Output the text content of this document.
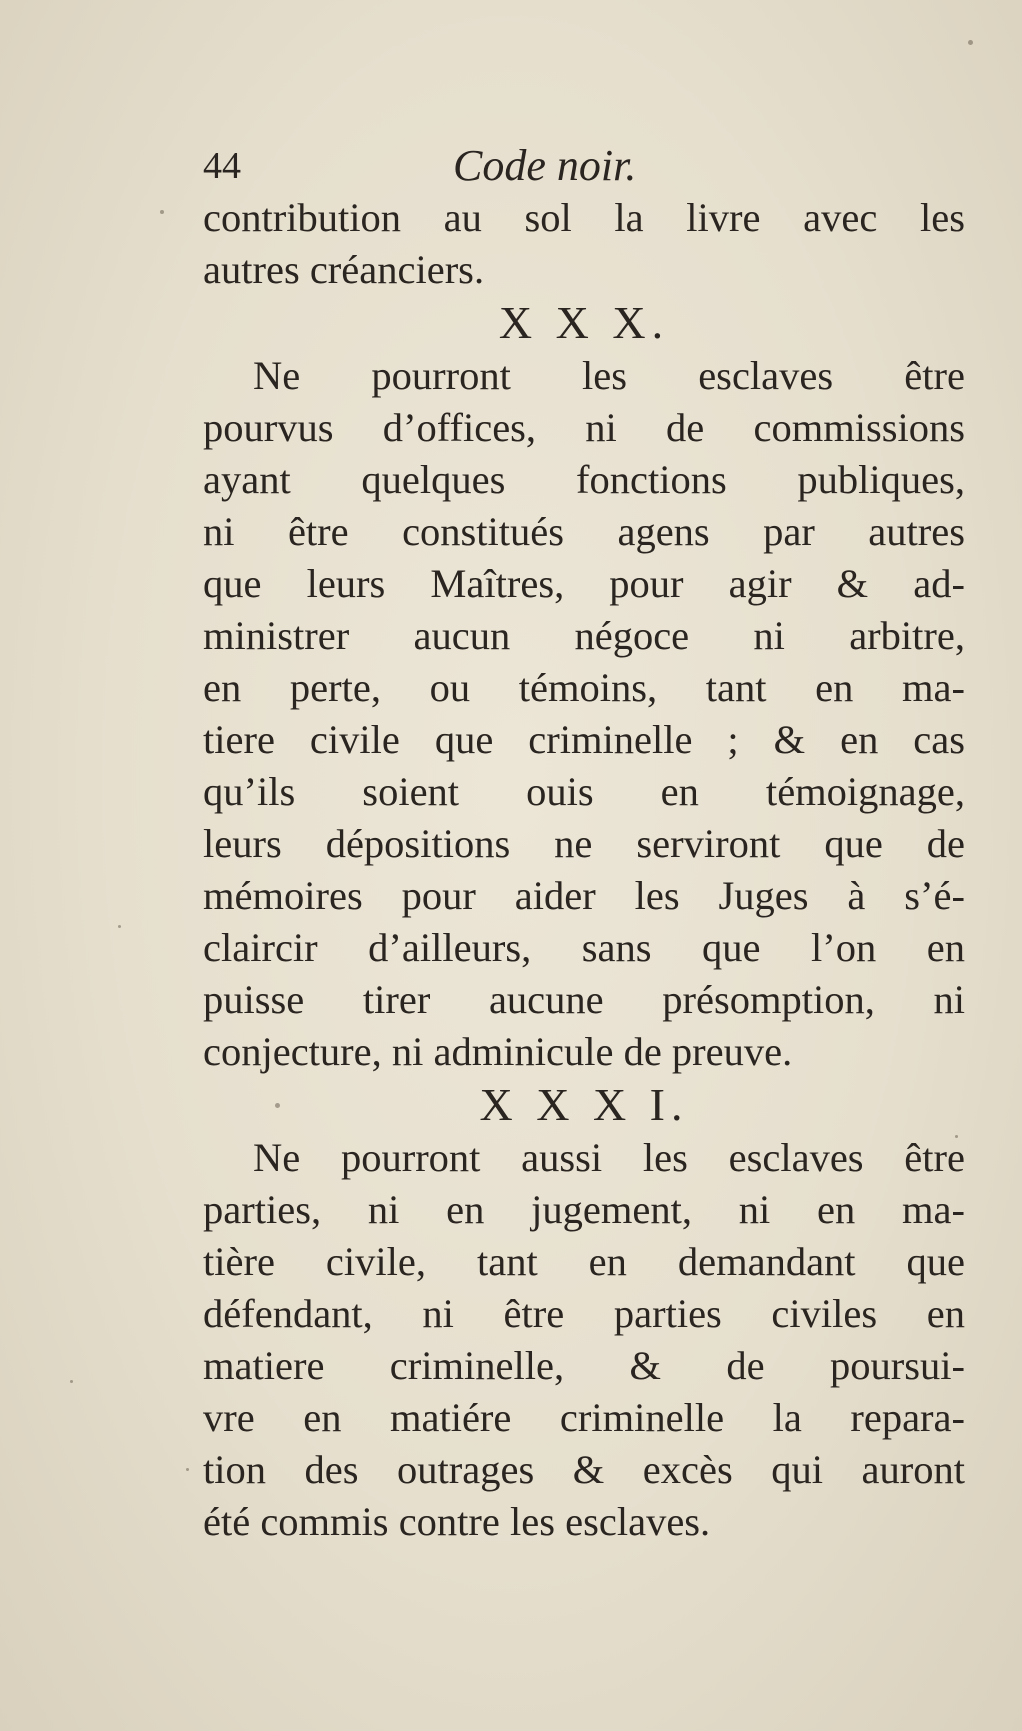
44	Code noir.
contribution au sol la livre avec les
autres créanciers.
X X X.
Ne pourront les esclaves être
pourvus d’offices, ni de commissions
ayant quelques fonctions publiques,
ni être constitués agens par autres
que leurs Maîtres, pour agir & ad-
ministrer aucun négoce ni arbitre,
en perte, ou témoins, tant en ma-
tiere civile que criminelle ; & en cas
qu’ils soient ouis en témoignage,
leurs dépositions ne serviront que de
mémoires pour aider les Juges à s’é-
claircir d’ailleurs, sans que l’on en
puisse tirer aucune présomption, ni
conjecture, ni adminicule de preuve.
X X X I.
Ne pourront aussi les esclaves être
parties, ni en jugement, ni en ma-
tière civile, tant en demandant que
défendant, ni être parties civiles en
matiere criminelle, & de poursui-
vre en matiére criminelle la repara-
tion des outrages & excès qui auront
été commis contre les esclaves.
